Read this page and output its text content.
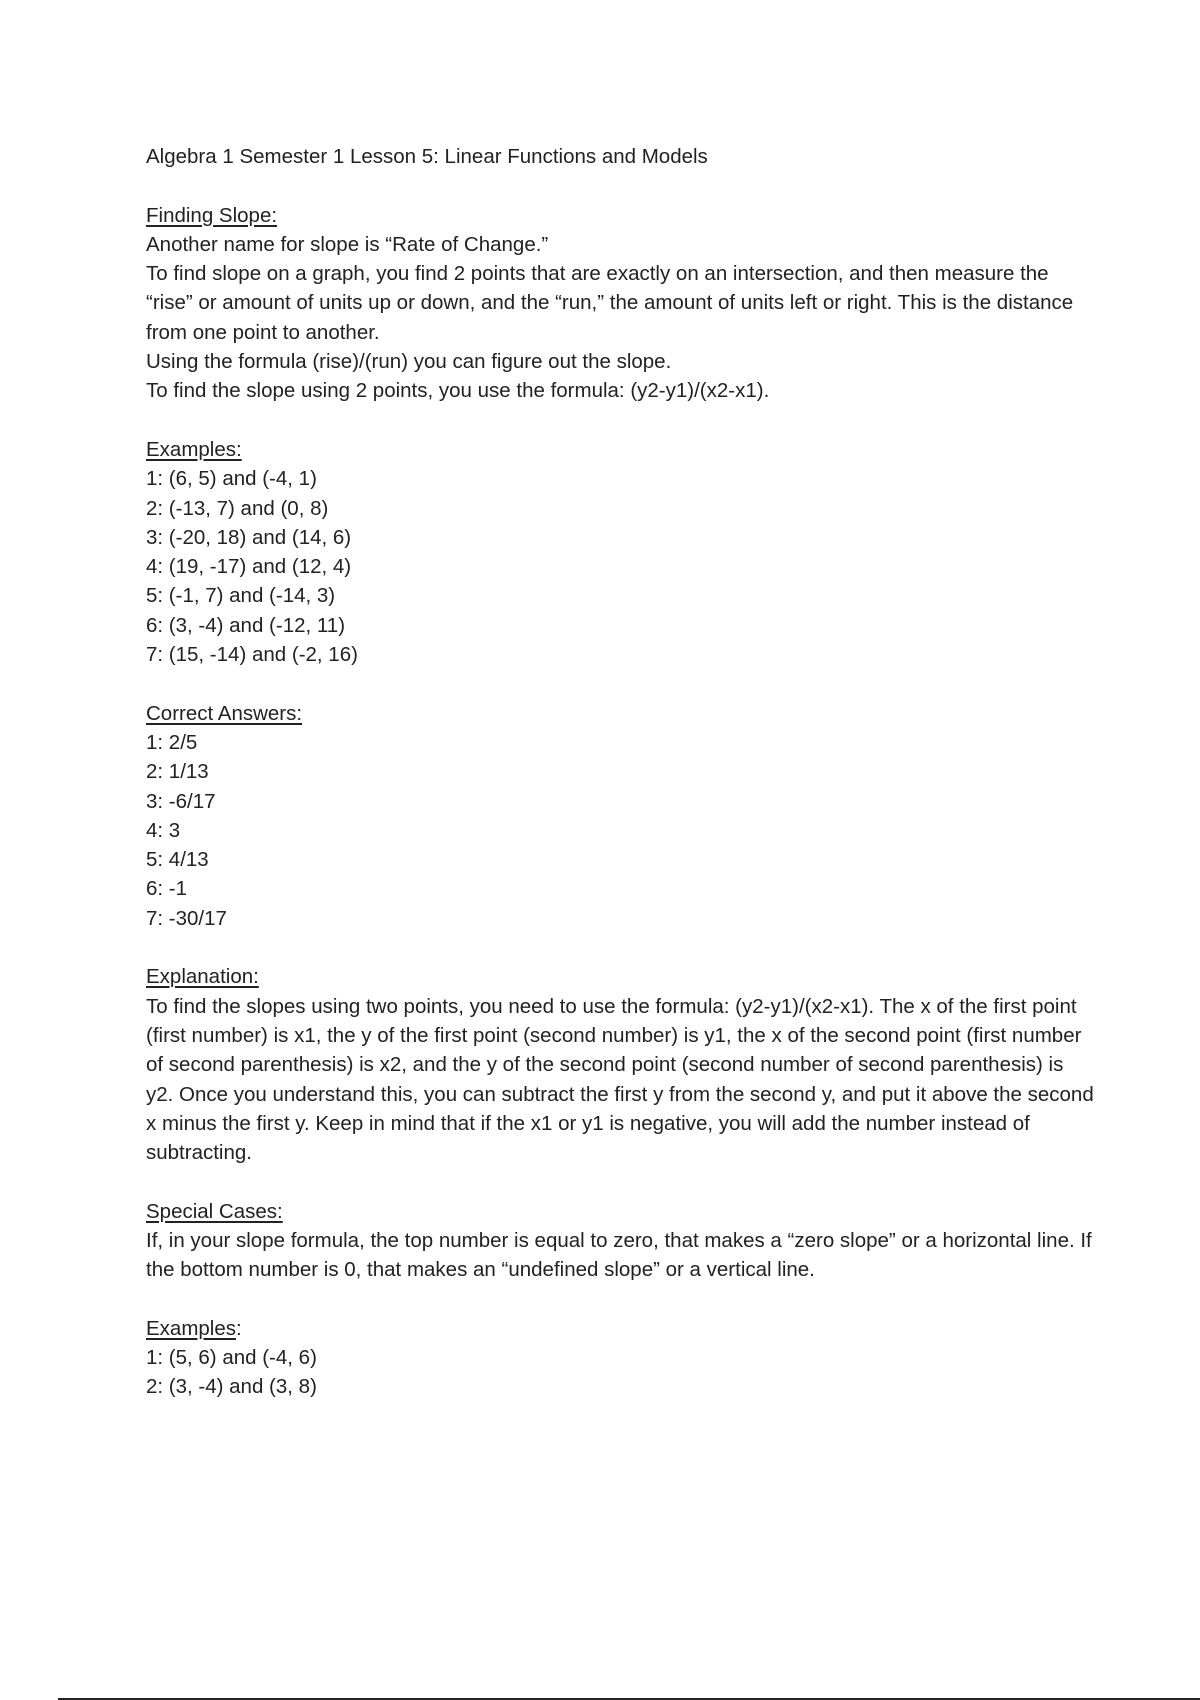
Algebra 1 Semester 1 Lesson 5: Linear Functions and Models
Finding Slope:

Another name for slope is “Rate of Change.”

To find slope on a graph, you find 2 points that are exactly on an intersection, and then measure the “rise” or amount of units up or down, and the “run,” the amount of units left or right. This is the distance from one point to another.

Using the formula (rise)/(run) you can figure out the slope.

To find the slope using 2 points, you use the formula: (y2-y1)/(x2-x1).

Examples:
1: (6, 5) and (-4, 1)
2: (-13, 7) and (0, 8)
3: (-20, 18) and (14, 6)
4: (19, -17) and (12, 4)
5: (-1, 7) and (-14, 3)
6: (3, -4) and (-12, 11)
7: (15, -14) and (-2, 16)
Correct Answers:
1: 2/5
2: 1/13
3: -6/17
4: 3
5: 4/13
6: -1
7: -30/17
Explanation:

To find the slopes using two points, you need to use the formula: (y2-y1)/(x2-x1). The x of the first point (first number) is x1, the y of the first point (second number) is y1, the x of the second point (first number of second parenthesis) is x2, and the y of the second point (second number of second parenthesis) is y2. Once you understand this, you can subtract the first y from the second y, and put it above the second x minus the first y. Keep in mind that if the x1 or y1 is negative, you will add the number instead of subtracting.

Special Cases:

If, in your slope formula, the top number is equal to zero, that makes a “zero slope” or a horizontal line. If the bottom number is 0, that makes an “undefined slope” or a vertical line.

Examples:
1: (5, 6) and (-4, 6)
2: (3, -4) and (3, 8)
